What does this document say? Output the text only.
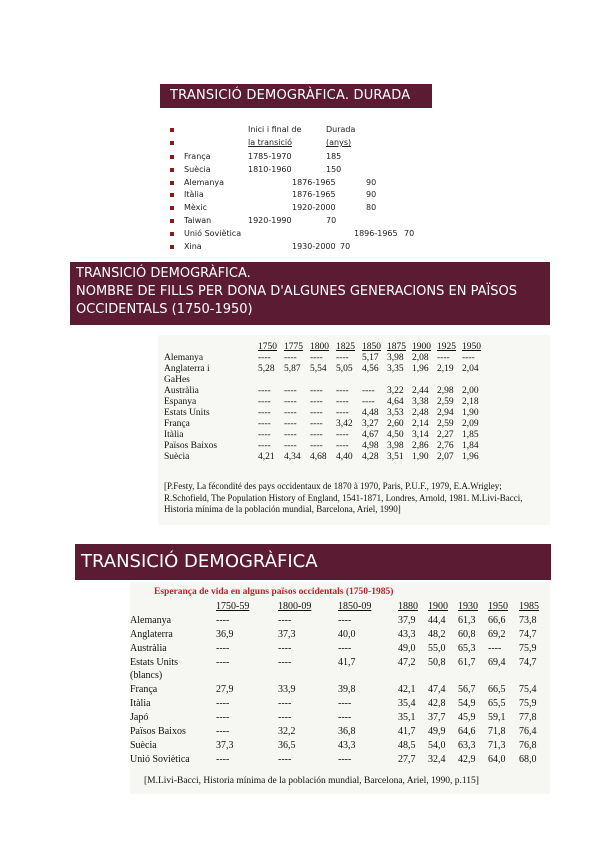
TRANSICIÓ DEMOGRÀFICA. DURADA
Inici i final de	Durada
la transició	(anys)
França	1785-1970	185
Suècia	1810-1960	150
Alemanya	1876-1965	90
Itàlia	1876-1965	90
Mèxic	1920-2000	80
Taiwan	1920-1990	70
Unió Soviètica	1896-1965 70
Xina	1930-2000 70
TRANSICIÓ DEMOGRÀFICA.
NOMBRE DE FILLS PER DONA D'ALGUNES GENERACIONS EN PAÏSOS
OCCIDENTALS (1750-1950)
[P.Festy, La fécondité des pays occidentaux de 1870 à 1970, Paris, P.U.F., 1979, E.A.Wrigley; R.Schofield, The Population History of England, 1541-1871, Londres, Arnold, 1981. M.Livi-Bacci, Historia mínima de la población mundial, Barcelona, Ariel, 1990]
1750 1775 1800 1825 1850 1875 1900 1925 1950
Alemanya	---- ---- ---- ---- 5,17 3,98 2,08 ---- ----
Anglaterra i	5,28 5,87 5,54 5,05 4,56 3,35 1,96 2,19 2,04
GaHes
Austràlia	---- ---- ---- ---- ---- 3,22 2,44 2,98 2,00
Espanya	---- ---- ---- ---- ---- 4,64 3,38 2,59 2,18
Estats Units	---- ---- ---- ---- 4,48 3,53 2,48 2,94 1,90
França	---- ---- ---- 3,42 3,27 2,60 2,14 2,59 2,09
Itàlia	---- ---- ---- ---- 4,67 4,50 3,14 2,27 1,85
Països Baixos	---- ---- ---- ---- 4,98 3,98 2,86 2,76 1,84
Suècia	4,21 4,34 4,68 4,40 4,28 3,51 1,90 2,07 1,96
TRANSICIÓ DEMOGRÀFICA
Esperança de vida en alguns països occidentals (1750-1985)
[M.Livi-Bacci, Historia mínima de la población mundial, Barcelona, Ariel, 1990, p.115]
1750-59	1800-09	1850-09	1880 1900 1930 1950 1985
Alemanya	----	----	----	37,9 44,4 61,3 66,6 73,8
Anglaterra	36,9	37,3	40,0	43,3 48,2 60,8 69,2 74,7
Austràlia	----	----	----	49,0 55,0 65,3 ---- 75,9
Estats Units	----	----	41,7	47,2 50,8 61,7 69,4 74,7
(blancs)
França	27,9	33,9	39,8	42,1 47,4 56,7 66,5 75,4
Itàlia	----	----	----	35,4 42,8 54,9 65,5 75,9
Japó	----	----	----	35,1 37,7 45,9 59,1 77,8
Països Baixos	----	32,2	36,8	41,7 49,9 64,6 71,8 76,4
Suècia	37,3	36,5	43,3	48,5 54,0 63,3 71,3 76,8
Unió Soviètica	----	----	----	27,7 32,4 42,9 64,0 68,0
